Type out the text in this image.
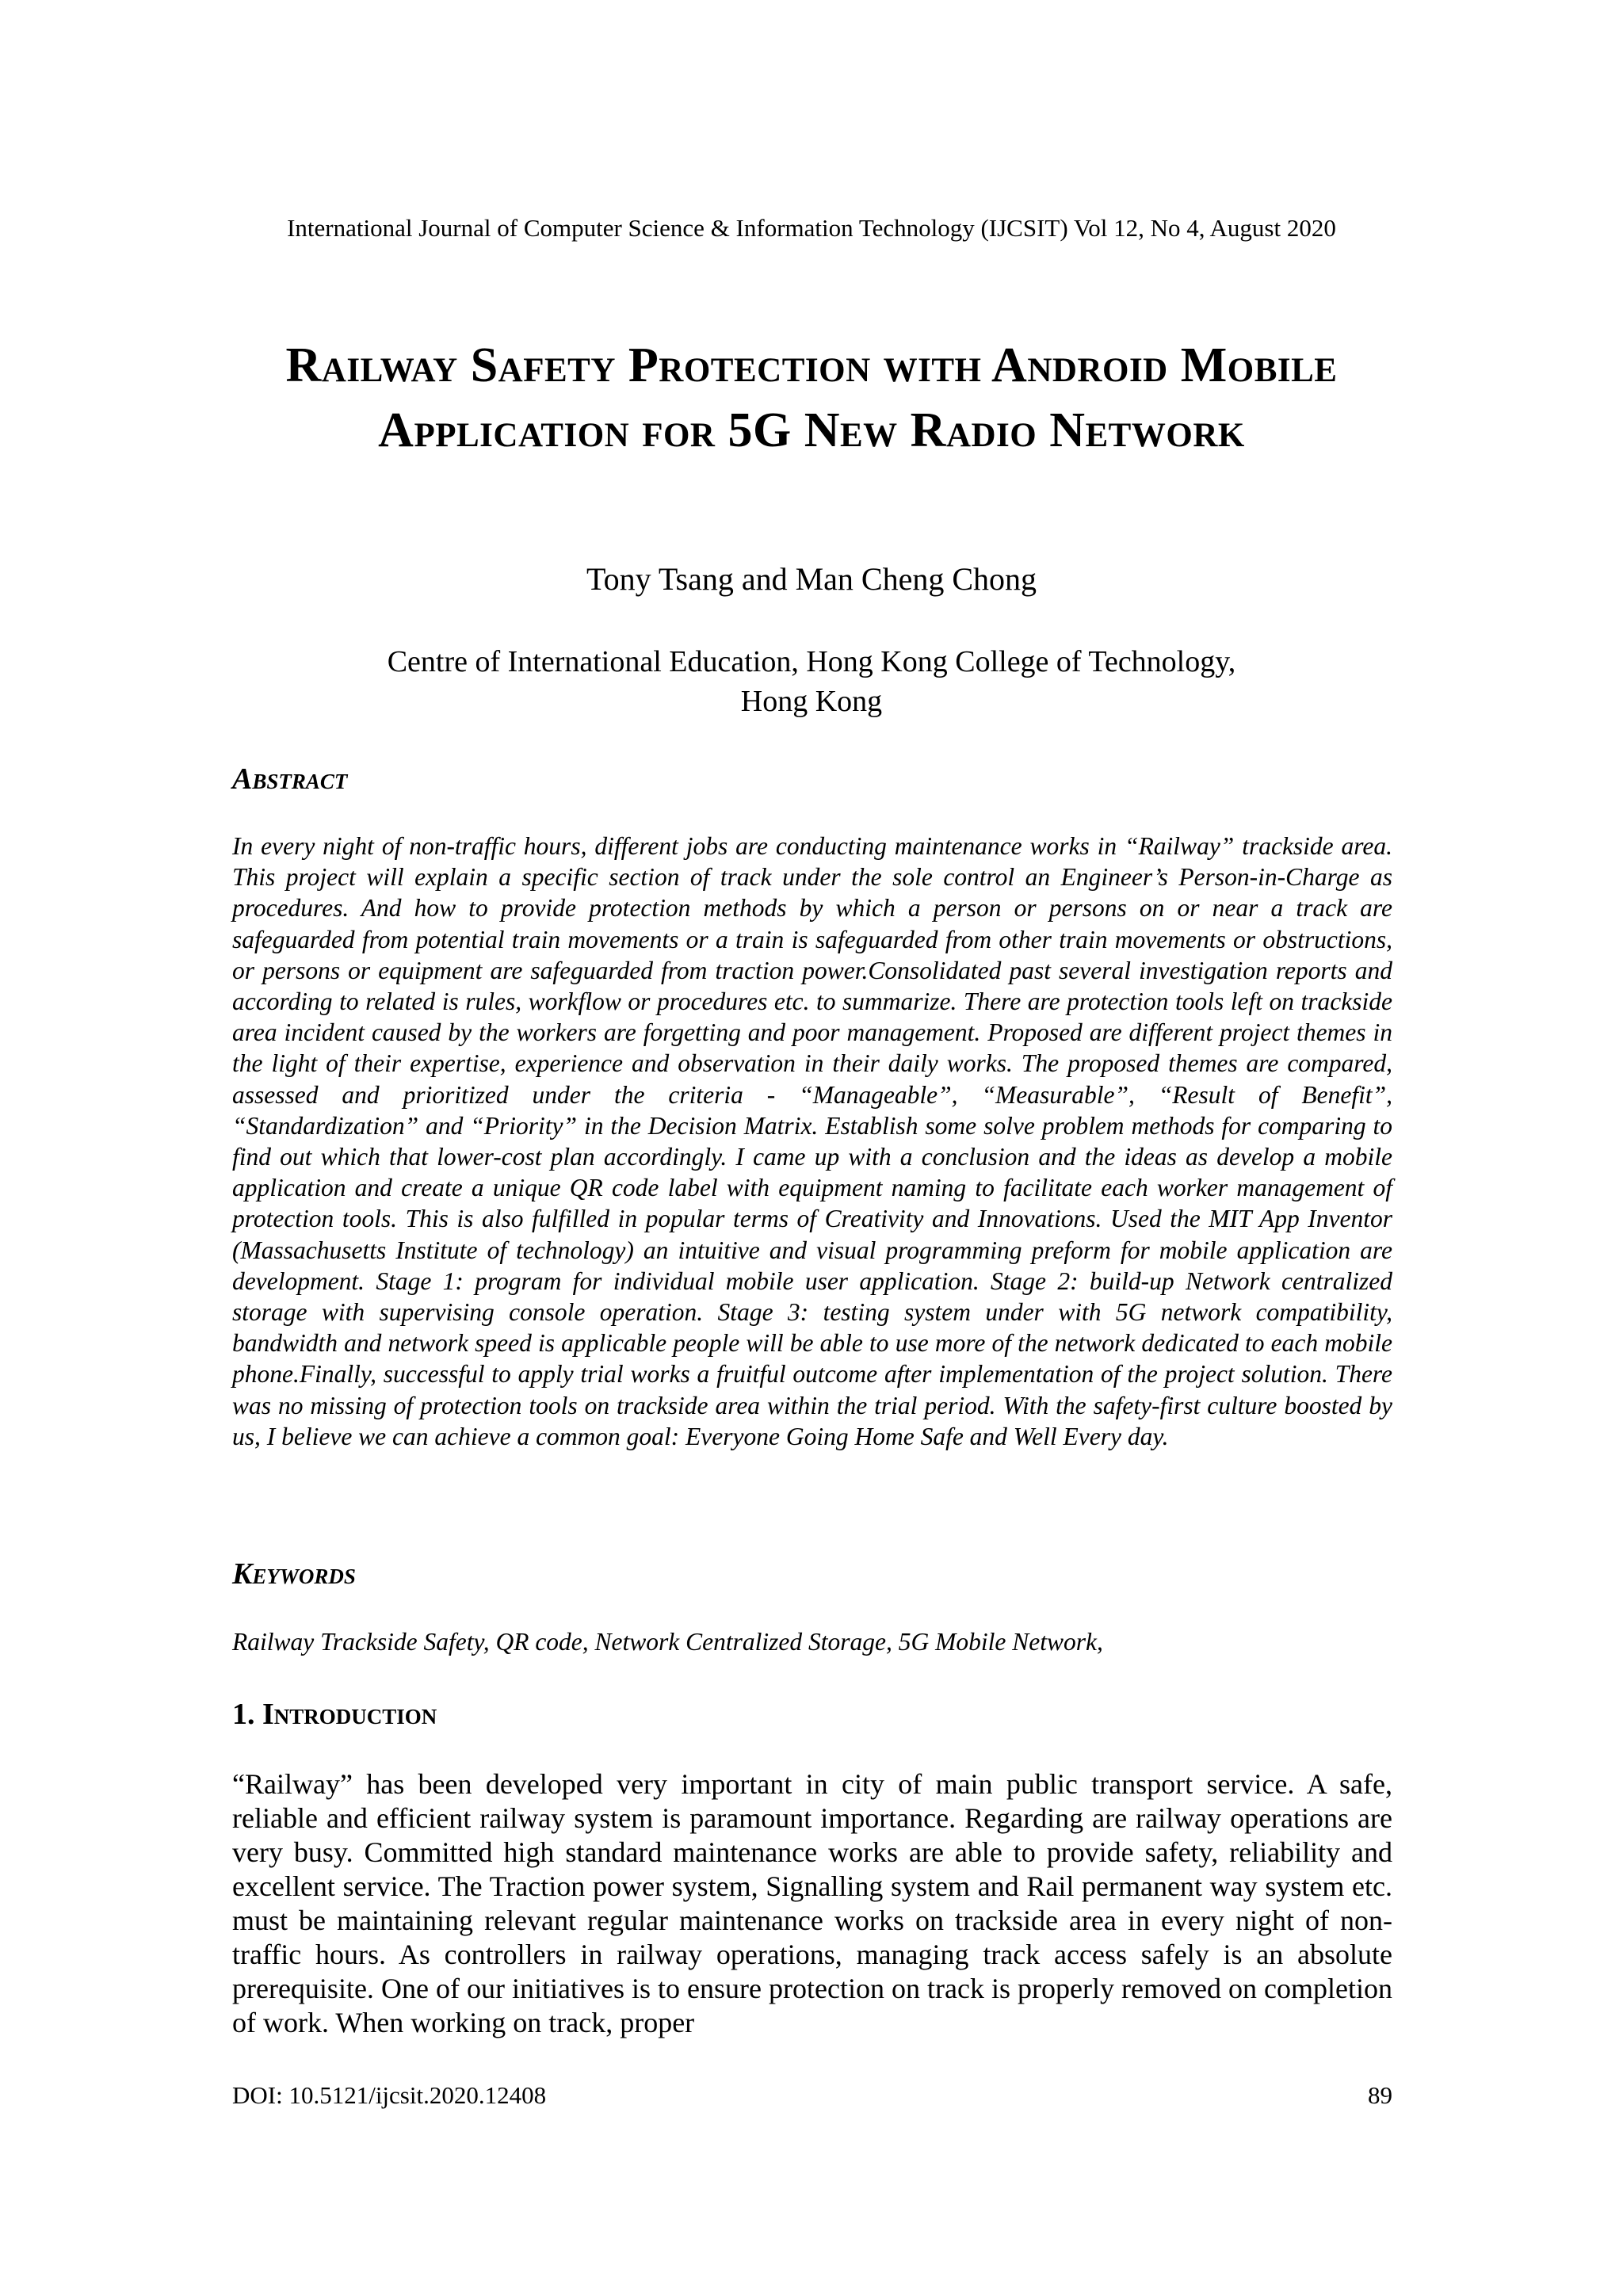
International Journal of Computer Science & Information Technology (IJCSIT) Vol 12, No 4, August 2020
Railway Safety Protection with Android Mobile Application for 5G New Radio Network
Tony Tsang and Man Cheng Chong
Centre of International Education, Hong Kong College of Technology,
Hong Kong
Abstract
In every night of non-traffic hours, different jobs are conducting maintenance works in “Railway” trackside area. This project will explain a specific section of track under the sole control an Engineer’s Person-in-Charge as procedures. And how to provide protection methods by which a person or persons on or near a track are safeguarded from potential train movements or a train is safeguarded from other train movements or obstructions, or persons or equipment are safeguarded from traction power.Consolidated past several investigation reports and according to related is rules, workflow or procedures etc. to summarize. There are protection tools left on trackside area incident caused by the workers are forgetting and poor management. Proposed are different project themes in the light of their expertise, experience and observation in their daily works. The proposed themes are compared, assessed and prioritized under the criteria - “Manageable”, “Measurable”, “Result of Benefit”, “Standardization” and “Priority” in the Decision Matrix. Establish some solve problem methods for comparing to find out which that lower-cost plan accordingly. I came up with a conclusion and the ideas as develop a mobile application and create a unique QR code label with equipment naming to facilitate each worker management of protection tools. This is also fulfilled in popular terms of Creativity and Innovations. Used the MIT App Inventor (Massachusetts Institute of technology) an intuitive and visual programming preform for mobile application are development. Stage 1: program for individual mobile user application. Stage 2: build-up Network centralized storage with supervising console operation. Stage 3: testing system under with 5G network compatibility, bandwidth and network speed is applicable people will be able to use more of the network dedicated to each mobile phone.Finally, successful to apply trial works a fruitful outcome after implementation of the project solution. There was no missing of protection tools on trackside area within the trial period. With the safety-first culture boosted by us, I believe we can achieve a common goal: Everyone Going Home Safe and Well Every day.
Keywords
Railway Trackside Safety, QR code, Network Centralized Storage, 5G Mobile Network,
1. Introduction
“Railway” has been developed very important in city of main public transport service. A safe, reliable and efficient railway system is paramount importance. Regarding are railway operations are very busy. Committed high standard maintenance works are able to provide safety, reliability and excellent service. The Traction power system, Signalling system and Rail permanent way system etc. must be maintaining relevant regular maintenance works on trackside area in every night of non-traffic hours. As controllers in railway operations, managing track access safely is an absolute prerequisite. One of our initiatives is to ensure protection on track is properly removed on completion of work. When working on track, proper
DOI: 10.5121/ijcsit.2020.12408	89
